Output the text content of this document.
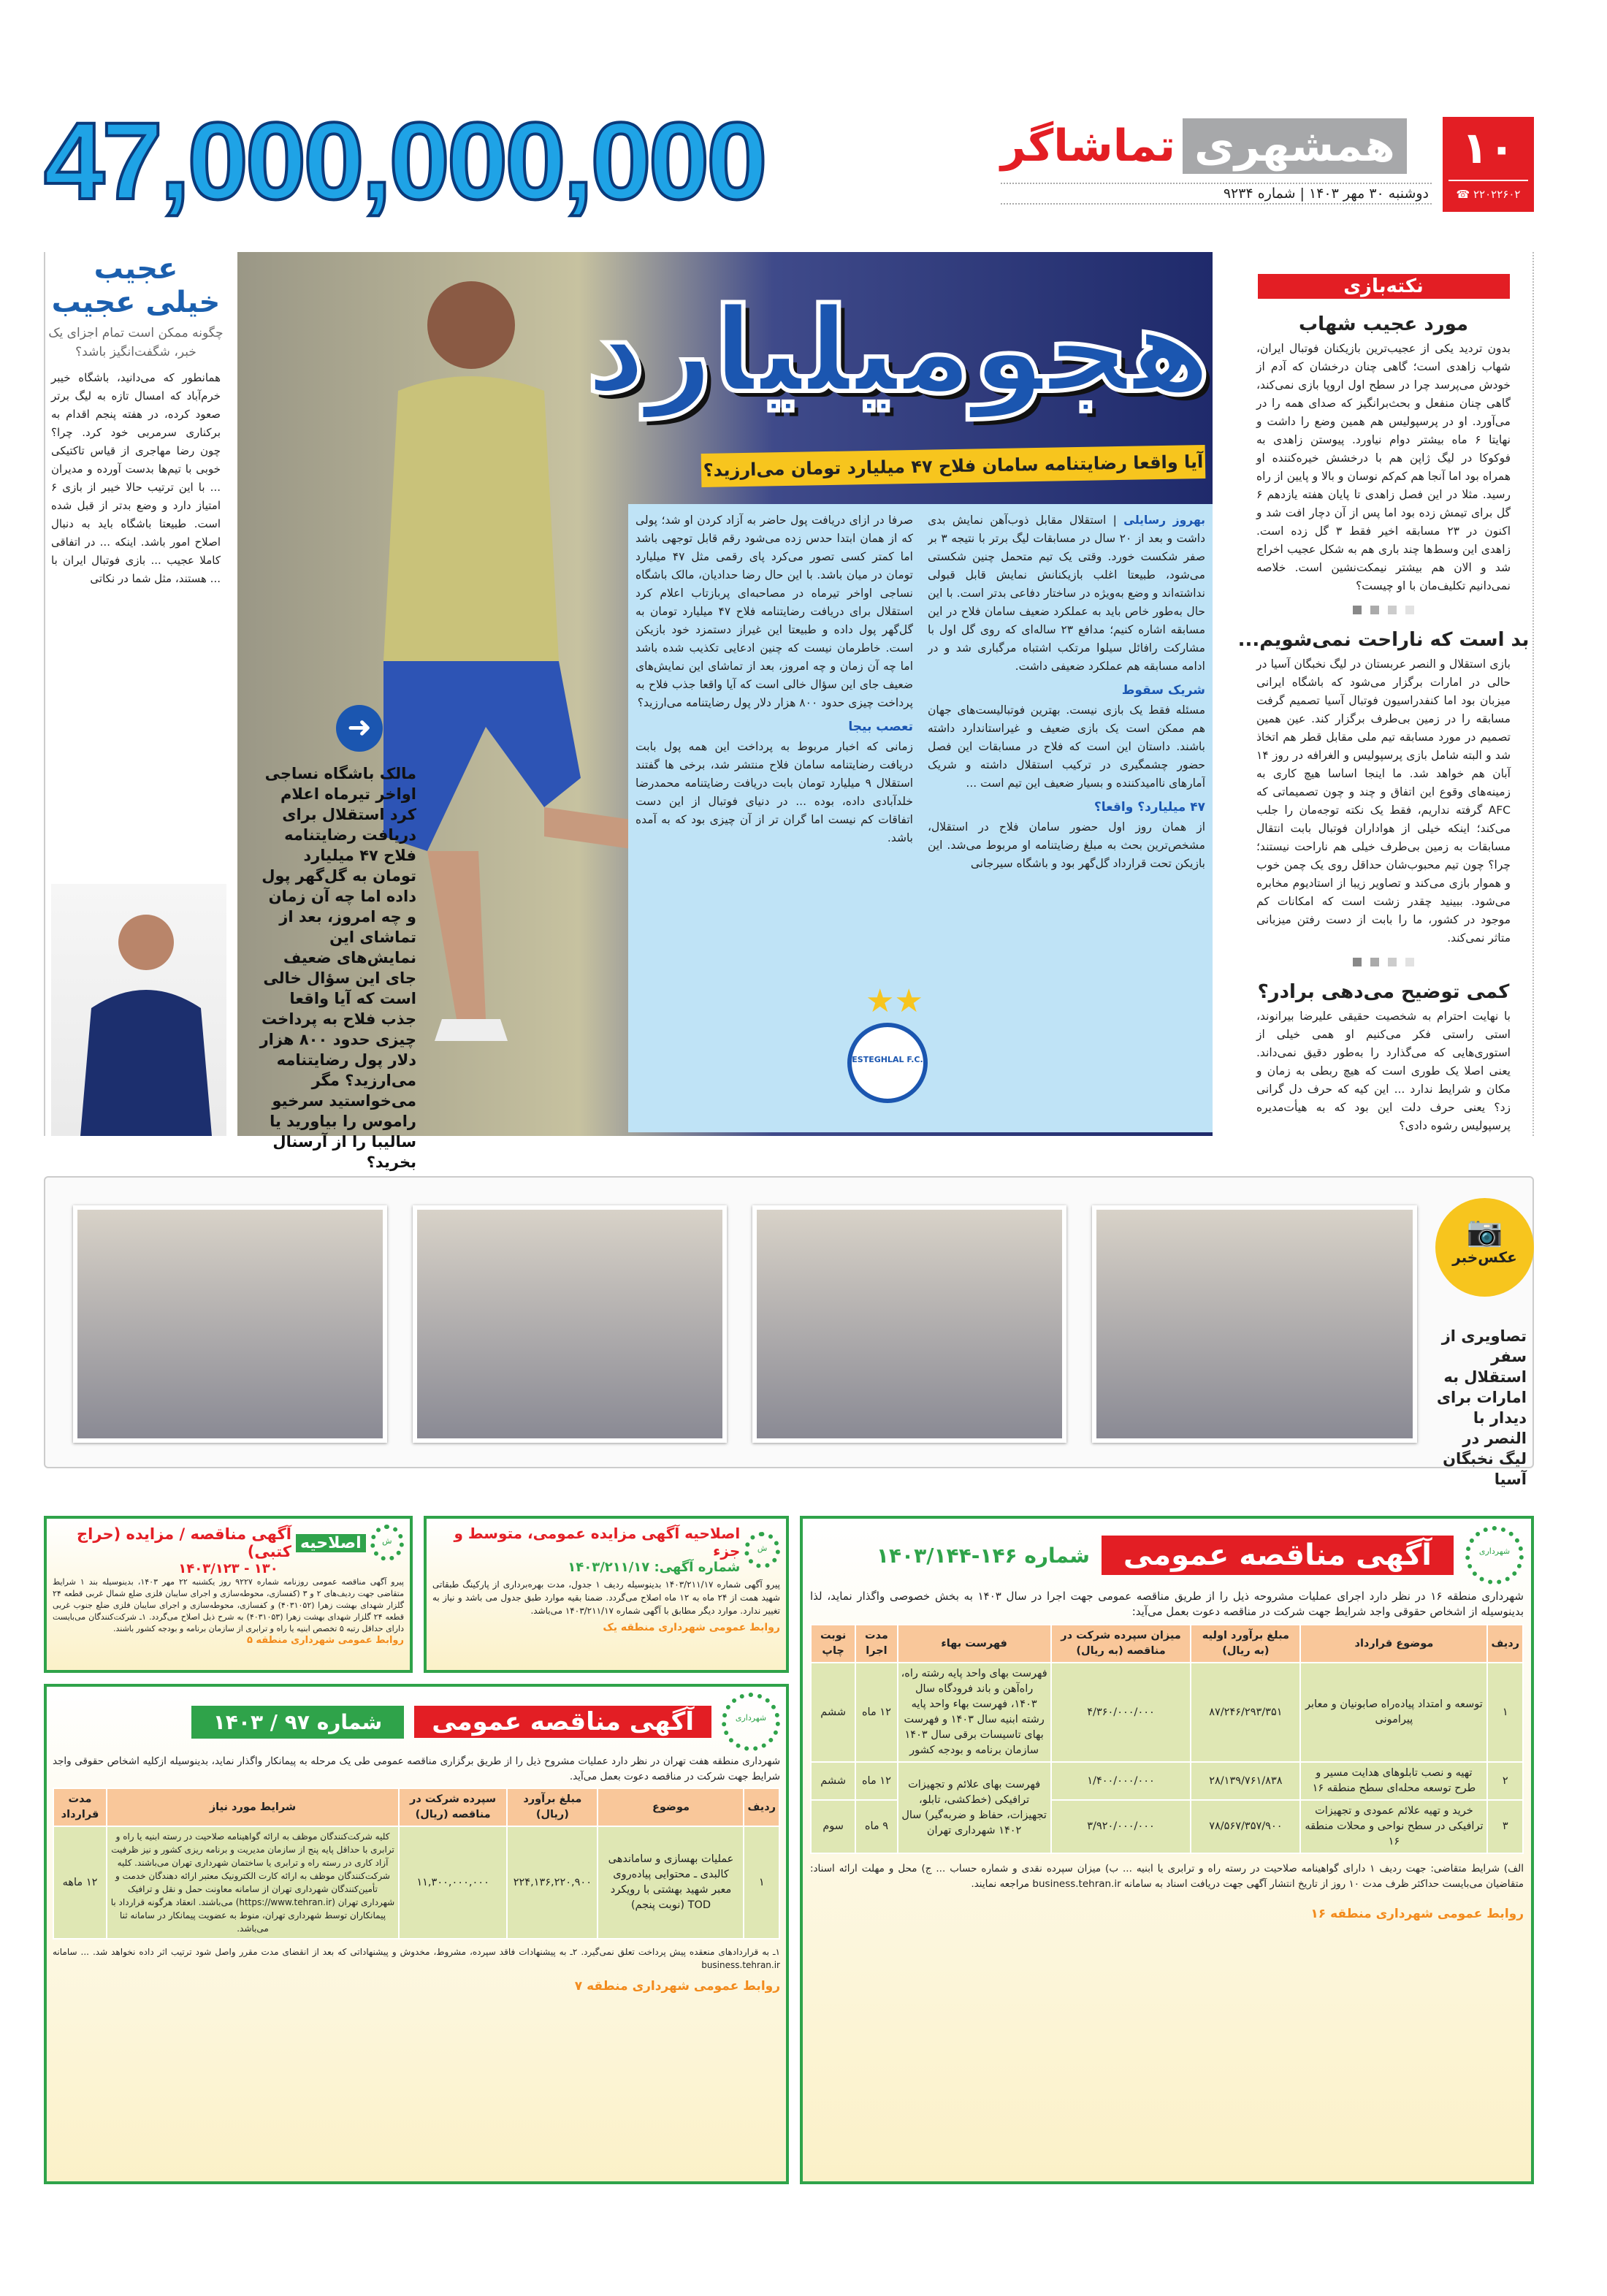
47,000,000,000	همشهری
تماشاگر
دوشنبه ۳۰ مهر ۱۴۰۳ | شماره ۹۲۳۴
۱۰
☎ ۲۲۰۲۲۶۰۲
عجیب
خیلی عجیب
چگونه ممکن است تمام اجزای یک خبر، شگفت‌انگیز باشد؟

همانطور که می‌دانید، باشگاه خیبر خرم‌آباد که امسال تازه به لیگ برتر صعود کرده، در هفته پنجم اقدام به برکناری سرمربی خود کرد. چرا؟ چون رضا مهاجری از قیاس تاکتیکی خوبی با تیم‌ها بدست آورده و مدیران ... با این ترتیب حالا خیبر از بازی ۶ امتیاز دارد و وضع بدتر از قبل شده است. طبیعتا باشگاه باید به دنبال اصلاح امور باشد. اینکه ... در اتفاقی کاملا عجیب ... بازی فوتبال ایران با ... هستند، مثل شما در نکاتی

هجومیلیارد
آیا واقعا رضایتنامه سامان فلاح ۴۷ میلیارد تومان می‌ارزید؟
➜
مالک باشگاه نساجی اواخر تیرماه اعلام کرد استقلال برای دریافت رضایتنامه فلاح ۴۷ میلیارد تومان به گل‌گهر پول داده اما چه آن زمان و چه امروز، بعد از تماشای این نمایش‌های ضعیف جای این سؤال خالی است که آیا واقعا جذب فلاح به پرداخت چیزی حدود ۸۰۰ هزار دلار پول رضایتنامه می‌ارزید؟ مگر می‌خواستید سرخیو راموس را بیاورید یا سالیبا را از آرسنال بخرید؟
بهروز رسایلی | استقلال مقابل ذوب‌آهن نمایش بدی داشت و بعد از ۲۰ سال در مسابقات لیگ برتر با نتیجه ۳ بر صفر شکست خورد. وقتی یک تیم متحمل چنین شکستی می‌شود، طبیعتا اغلب بازیکنانش نمایش قابل قبولی نداشته‌اند و وضع به‌ویژه در ساختار دفاعی بدتر است. با این حال به‌طور خاص باید به عملکرد ضعیف سامان فلاح در این مسابقه اشاره کنیم؛ مدافع ۲۳ ساله‌ای که روی گل اول با مشارکت رافائل سیلوا مرتکب اشتباه مرگباری شد و در ادامه مسابقه هم عملکرد ضعیفی داشت.
شریک سقوط

مسئله فقط یک بازی نیست. بهترین فوتبالیست‌های جهان هم ممکن است یک بازی ضعیف و غیراستاندارد داشته باشند. داستان این است که فلاح در مسابقات این فصل حضور چشمگیری در ترکیب استقلال داشته و شریک آمارهای ناامیدکننده و بسیار ضعیف این تیم است ...

۴۷ میلیارد؟ واقعا؟

از همان روز اول حضور سامان فلاح در استقلال، مشخص‌ترین بحث به مبلغ رضایتنامه او مربوط می‌شد. این بازیکن تحت قرارداد گل‌گهر بود و باشگاه سیرجانی

صرفا در ازای دریافت پول حاضر به آزاد کردن او شد؛ پولی که از همان ابتدا حدس زده می‌شود رقم قابل توجهی باشد اما کمتر کسی تصور می‌کرد پای رقمی مثل ۴۷ میلیارد تومان در میان باشد. با این حال رضا حدادیان، مالک باشگاه نساجی اواخر تیرماه در مصاحبه‌ای پربازتاب اعلام کرد استقلال برای دریافت رضایتنامه فلاح ۴۷ میلیارد تومان به گل‌گهر پول داده و طبیعتا این غیراز دستمزد خود بازیکن است. خاطرمان نیست که چنین ادعایی تکذیب شده باشد اما چه آن زمان و چه امروز، بعد از تماشای این نمایش‌های ضعیف جای این سؤال خالی است که آیا واقعا جذب فلاح به پرداخت چیزی حدود ۸۰۰ هزار دلار پول رضایتنامه می‌ارزید؟

تعصب بیجا

زمانی که اخبار مربوط به پرداخت این همه پول بابت دریافت رضایتنامه سامان فلاح منتشر شد، برخی ها گفتند استقلال ۹ میلیارد تومان بابت دریافت رضایتنامه محمدرضا خلدآبادی داده، بوده ... در دنیای فوتبال از این دست اتفاقات کم نیست اما گران تر از آن چیزی بود که به آمده باشد.

★★
ESTEGHLAL F.C.
نکته‌بازی
مورد عجیب شهاب

بدون تردید یکی از عجیب‌ترین بازیکنان فوتبال ایران، شهاب زاهدی است؛ گاهی چنان درخشان که آدم از خودش می‌پرسد چرا در سطح اول اروپا بازی نمی‌کند، گاهی چنان منفعل و بحث‌برانگیز که صدای همه را در می‌آورد. او در پرسپولیس هم همین وضع را داشت و نهایتا ۶ ماه بیشتر دوام نیاورد. پیوستن زاهدی به فوکوکا در لیگ ژاپن هم با درخشش خیره‌کننده او همراه بود اما آنجا هم کم‌کم نوسان و بالا و پایین از راه رسید. مثلا در این فصل زاهدی تا پایان هفته یازدهم ۶ گل برای تیمش زده بود اما پس از آن دچار افت شد و اکنون در ۲۳ مسابقه اخیر فقط ۳ گل زده است. زاهدی این وسط‌ها چند باری هم به شکل عجیب اخراج شد و الان هم بیشتر نیمکت‌نشین است. خلاصه نمی‌دانیم تکلیف‌مان با او چیست؟

بد است که ناراحت نمی‌شویم...

بازی استقلال و النصر عربستان در لیگ نخبگان آسیا در حالی در امارات برگزار می‌شود که باشگاه ایرانی میزبان بود اما کنفدراسیون فوتبال آسیا تصمیم گرفت مسابقه را در زمین بی‌طرف برگزار کند. عین همین تصمیم در مورد مسابقه تیم ملی مقابل قطر هم اتخاذ شد و البته شامل بازی پرسپولیس و الغرافه در روز ۱۴ آبان هم خواهد شد. ما اینجا اساسا هیچ کاری به زمینه‌های وقوع این اتفاق و چند و چون تصمیماتی که AFC گرفته نداریم، فقط یک نکته توجه‌مان را جلب می‌کند؛ اینکه خیلی از هواداران فوتبال بابت انتقال مسابقات به زمین بی‌طرف خیلی هم ناراحت نیستند؛ چرا؟ چون تیم محبوب‌شان حداقل روی یک چمن خوب و هموار بازی می‌کند و تصاویر زیبا از استادیوم مخابره می‌شود. ببینید چقدر زشت است که امکانات کم موجود در کشور، ما را بابت از دست رفتن میزبانی متاثر نمی‌کند.

کمی توضیح می‌دهی برادر؟

با نهایت احترام به شخصیت حقیقی علیرضا بیرانوند، استی راستی فکر می‌کنیم او همی خیلی از استوری‌هایی که می‌گذارد را به‌طور دقیق نمی‌داند. یعنی اصلا یک طوری است که هیچ ربطی به زمان و مکان و شرایط ندارد ... این کیه که حرف دل گرانی زد؟ یعنی حرف دلت این بود که به هیأت‌مدیره پرسپولیس رشوه دادی؟

📷
عکس‌خبر
تصاویری از سفر استقلال به امارات برای دیدار با النصر در لیگ نخبگان آسیا
شهرداری
آگهی مناقصه عمومی
شماره ۱۴۶-۱۴۰۳/۱۴۴

شهرداری منطقه ۱۶ در نظر دارد اجرای عملیات مشروحه ذیل را از طریق مناقصه عمومی جهت اجرا در سال ۱۴۰۳ به بخش خصوصی واگذار نماید، لذا بدینوسیله از اشخاص حقوقی واجد شرایط جهت شرکت در مناقصه دعوت بعمل می‌آید:

ردیف	موضوع قرارداد	مبلغ برآورد اولیه (به ریال)	میزان سپرده شرکت در مناقصه (به ریال)	فهرست بهاء	مدت اجرا	نوبت چاپ
۱	توسعه و امتداد پیاده‌راه صابونیان و معابر پیرامونی	۸۷/۲۴۶/۲۹۳/۳۵۱	۴/۳۶۰/۰۰۰/۰۰۰	فهرست بهای واحد پایه رشته راه، راه‌آهن و باند فرودگاه سال ۱۴۰۳، فهرست بهاء واحد پایه رشته ابنیه سال ۱۴۰۳ و فهرست بهای تاسیسات برقی سال ۱۴۰۳ سازمان برنامه و بودجه کشور	۱۲ ماه	ششم
۲	تهیه و نصب تابلوهای هدایت مسیر و طرح توسعه محله‌ای سطح منطقه ۱۶	۲۸/۱۳۹/۷۶۱/۸۳۸	۱/۴۰۰/۰۰۰/۰۰۰	فهرست بهای علائم و تجهیزات ترافیکی (خط‌کشی، تابلو، تجهیزات، حفاظ و ضربه‌گیر) سال ۱۴۰۲ شهرداری تهران	۱۲ ماه	ششم
۳	خرید و تهیه علائم عمودی و تجهیزات ترافیکی در سطح نواحی و محلات منطقه ۱۶	۷۸/۵۶۷/۳۵۷/۹۰۰	۳/۹۲۰/۰۰۰/۰۰۰		۹ ماه	سوم

الف) شرایط متقاضی: جهت ردیف ۱ دارای گواهینامه صلاحیت در رسته راه و ترابری یا ابنیه ... ب) میزان سپرده نقدی و شماره حساب ... ج) محل و مهلت ارائه اسناد: متقاضیان می‌بایست حداکثر ظرف مدت ۱۰ روز از تاریخ انتشار آگهی جهت دریافت اسناد به سامانه business.tehran.ir مراجعه نمایند.

روابط عمومی شهرداری منطقه ۱۶
ش
اصلاحیه
آگهی مناقصه / مزایده (حراج کتبی)
۱۳۰ - ۱۴۰۳/۱۲۳

پیرو آگهی مناقصه عمومی روزنامه شماره ۹۲۲۷ روز یکشنبه ۲۲ مهر ۱۴۰۳، بدینوسیله بند ۱ شرایط متقاضی جهت ردیف‌های ۲ و ۳ (کفسازی، محوطه‌سازی و اجرای سایبان فلزی ضلع شمال غربی قطعه ۲۴ گلزار شهدای بهشت زهرا (۴۰۳۱۰۵۲) و کفسازی، محوطه‌سازی و اجرای سایبان فلزی ضلع جنوب غربی قطعه ۲۴ گلزار شهدای بهشت زهرا (۴۰۳۱۰۵۳) به شرح ذیل اصلاح می‌گردد. ۱ـ شرکت‌کنندگان می‌بایست دارای حداقل رتبه ۵ تخصص ابنیه یا راه و ترابری از سازمان برنامه و بودجه کشور باشند.

روابط عمومی شهرداری منطقه ۵
ش
اصلاحیه آگهی مزایده عمومی، متوسط و جزء
شماره آگهی: ۱۴۰۳/۲۱۱/۱۷

پیرو آگهی شماره ۱۴۰۳/۲۱۱/۱۷ بدینوسیله ردیف ۱ جدول، مدت بهره‌برداری از پارکینگ طبقاتی شهید همت از ۲۴ ماه به ۱۲ ماه اصلاح می‌گردد. ضمنا بقیه موارد طبق جدول می باشد و نیاز به تغییر ندارد. موارد دیگر مطابق با آگهی شماره ۱۴۰۳/۲۱۱/۱۷ می‌باشد.

روابط عمومی شهرداری منطقه یک
شهرداری
آگهی مناقصه عمومی
شماره ۹۷ / ۱۴۰۳

شهرداری منطقه هفت تهران در نظر دارد عملیات مشروح ذیل را از طریق برگزاری مناقصه عمومی طی یک مرحله به پیمانکار واگذار نماید، بدینوسیله ازکلیه اشخاص حقوقی واجد شرایط جهت شرکت در مناقصه دعوت بعمل می‌آید.

ردیف	موضوع	مبلغ برآورد (ریال)	سپرده شرکت در مناقصه (ریال)	شرایط مورد نیاز	مدت قرارداد
۱	عملیات بهسازی و ساماندهی کالبدی ـ محتوایی پیاده‌روی معبر شهید بهشتی با رویکرد TOD (نوبت پنجم)	۲۲۴,۱۳۶,۲۲۰,۹۰۰	۱۱,۳۰۰,۰۰۰,۰۰۰	کلیه شرکت‌کنندگان موظف به ارائه گواهینامه صلاحیت در رسته ابنیه یا راه و ترابری با حداقل پایه پنج از سازمان مدیریت و برنامه ریزی کشور و نیز ظرفیت آزاد کاری در رسته راه و ترابری یا ساختمان شهرداری تهران می‌باشند. کلیه شرکت‌کنندگان موظف به ارائه کارت الکترونیک معتبر ارائه دهندگان خدمت و تأمین‌کنندگان شهرداری تهران از سامانه معاونت حمل و نقل و ترافیک شهرداری تهران (https://www.tehran.ir) می‌باشند. انعقاد هرگونه قرارداد با پیمانکاران توسط شهرداری تهران، منوط به عضویت پیمانکار در سامانه ثنا می‌باشد.	۱۲ ماهه

۱ـ به قراردادهای منعقده پیش پرداخت تعلق نمی‌گیرد. ۲ـ به پیشنهادات فاقد سپرده، مشروط، مخدوش و پیشنهاداتی که بعد از انقضای مدت مقرر واصل شود ترتیب اثر داده نخواهد شد. ... سامانه business.tehran.ir

روابط عمومی شهرداری منطقه ۷
